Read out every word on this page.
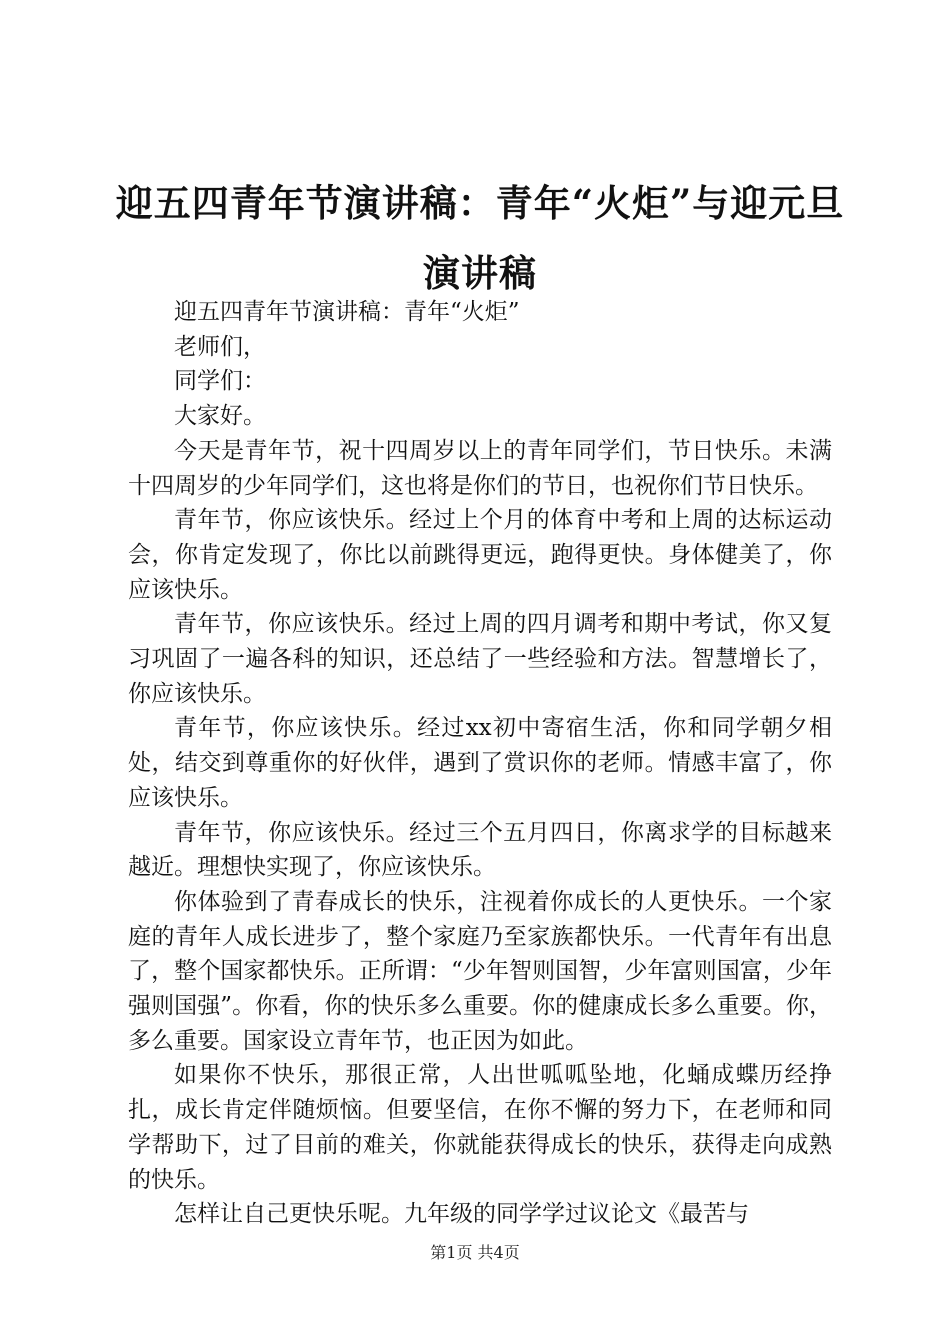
迎五四青年节演讲稿：青年“火炬”与迎元旦演讲稿

迎五四青年节演讲稿：青年“火炬”

老师们，

同学们：

大家好。

今天是青年节，祝十四周岁以上的青年同学们，节日快乐。未满十四周岁的少年同学们，这也将是你们的节日，也祝你们节日快乐。

青年节，你应该快乐。经过上个月的体育中考和上周的达标运动会，你肯定发现了，你比以前跳得更远，跑得更快。身体健美了，你应该快乐。

青年节，你应该快乐。经过上周的四月调考和期中考试，你又复习巩固了一遍各科的知识，还总结了一些经验和方法。智慧增长了，你应该快乐。

青年节，你应该快乐。经过xx初中寄宿生活，你和同学朝夕相处，结交到尊重你的好伙伴，遇到了赏识你的老师。情感丰富了，你应该快乐。

青年节，你应该快乐。经过三个五月四日，你离求学的目标越来越近。理想快实现了，你应该快乐。

你体验到了青春成长的快乐，注视着你成长的人更快乐。一个家庭的青年人成长进步了，整个家庭乃至家族都快乐。一代青年有出息了，整个国家都快乐。正所谓：“少年智则国智，少年富则国富，少年强则国强”。你看，你的快乐多么重要。你的健康成长多么重要。你，多么重要。国家设立青年节，也正因为如此。

如果你不快乐，那很正常，人出世呱呱坠地，化蛹成蝶历经挣扎，成长肯定伴随烦恼。但要坚信，在你不懈的努力下，在老师和同学帮助下，过了目前的难关，你就能获得成长的快乐，获得走向成熟的快乐。

怎样让自己更快乐呢。九年级的同学学过议论文《最苦与

第1页 共4页
